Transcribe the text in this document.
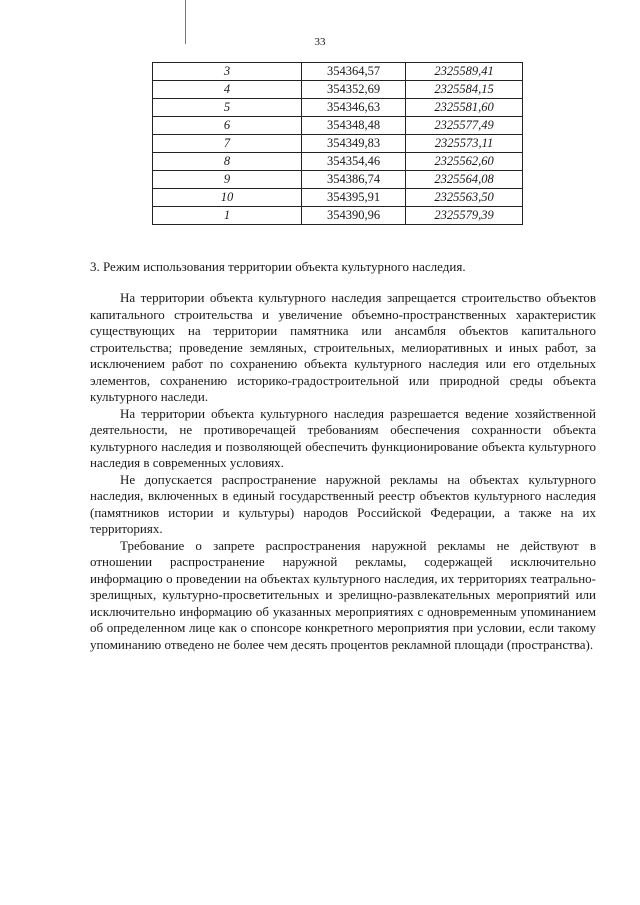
33
3	354364,57	2325589,41
4	354352,69	2325584,15
5	354346,63	2325581,60
6	354348,48	2325577,49
7	354349,83	2325573,11
8	354354,46	2325562,60
9	354386,74	2325564,08
10	354395,91	2325563,50
1	354390,96	2325579,39
3. Режим использования территории объекта культурного наследия.

На территории объекта культурного наследия запрещается строительство объектов капитального строительства и увеличение объемно-пространственных характеристик существующих на территории памятника или ансамбля объектов капитального строительства; проведение земляных, строительных, мелиоративных и иных работ, за исключением работ по сохранению объекта культурного наследия или его отдельных элементов, сохранению историко-градостроительной или природной среды объекта культурного наследи.

На территории объекта культурного наследия разрешается ведение хозяйственной деятельности, не противоречащей требованиям обеспечения сохранности объекта культурного наследия и позволяющей обеспечить функционирование объекта культурного наследия в современных условиях.

Не допускается распространение наружной рекламы на объектах культурного наследия, включенных в единый государственный реестр объектов культурного наследия (памятников истории и культуры) народов Российской Федерации, а также на их территориях.

Требование о запрете распространения наружной рекламы не действуют в отношении распространение наружной рекламы, содержащей исключительно информацию о проведении на объектах культурного наследия, их территориях театрально-зрелищных, культурно-просветительных и зрелищно-развлекательных мероприятий или исключительно информацию об указанных мероприятиях с одновременным упоминанием об определенном лице как о спонсоре конкретного мероприятия при условии, если такому упоминанию отведено не более чем десять процентов рекламной площади (пространства).
